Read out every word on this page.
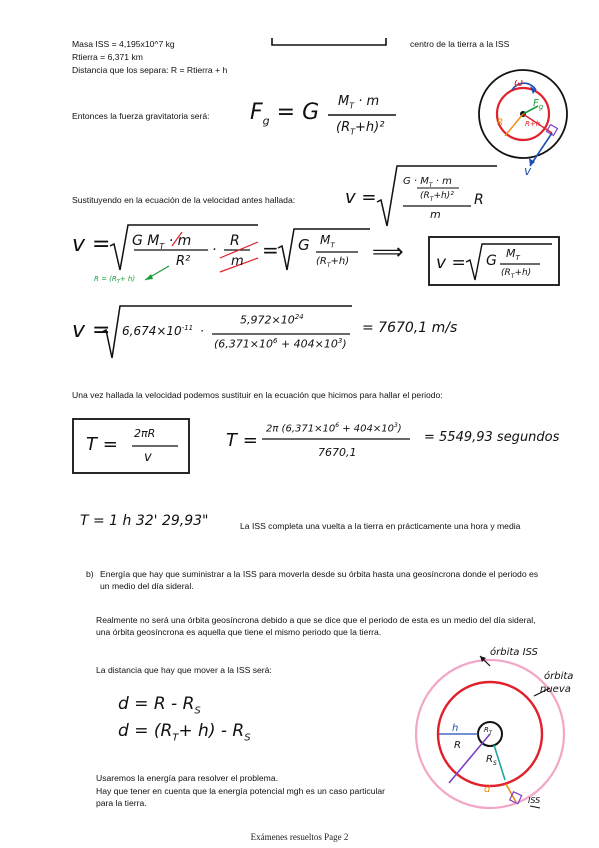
Masa ISS = 4,195x10^7 kg
Rtierra = 6,371 km
Distancia que los separa: R = Rtierra + h
centro de la tierra a la ISS
Entonces la fuerza gravitatoria será: $F_g = G$ $M_T \cdot m$
$(R_T+h)^2$
ω
$F_g$
R	R+h
v
Sustituyendo en la ecuación de la velocidad antes hallada:	v =
$G \cdot M_T \cdot m$
$(R_T+h)^2$
m
R
v = G $M_T \cdot m$
R²
·
R
m = G $M_T$
$(R_T+h)$ ⟹ v = G $M_T$
$(R_T+h)$
$R = (R_T+ h)$
$v = 6,674\times 10^{-11}$ ·
$5,972\times 10^{24}$
$(6,371\times 10^6 + 404\times 10^3)$
= 7670,1 m/s
Una vez hallada la velocidad podemos sustituir en la ecuación que hicimos para hallar el periodo:
T =
2πR
v
T =
2π $(6,371\times 10^6 + 404\times 10^3)$
7670,1
= 5549,93 segundos
T = 1 h 32' 29,93"	La ISS completa una vuelta a la tierra en prácticamente una hora y media
b) Energía que hay que suministrar a la ISS para moverla desde su órbita hasta una geosíncrona donde el periodo es un medio del día sideral.
Realmente no será una órbita geosíncrona debido a que se dice que el periodo de esta es un medio del día sideral, una órbita geosíncrona es aquella que tiene el mismo periodo que la tierra.
La distancia que hay que mover a la ISS será:
$d = R - R_S$
$d = (R_T+ h) - R_S$
Usaremos la energía para resolver el problema.
Hay que tener en cuenta que la energía potencial mgh es un caso particular para la tierra.
órbita ISS
órbita
nueva
h
R
$R_S$
$R_T$
d
ISS
Exámenes resueltos Page 2
